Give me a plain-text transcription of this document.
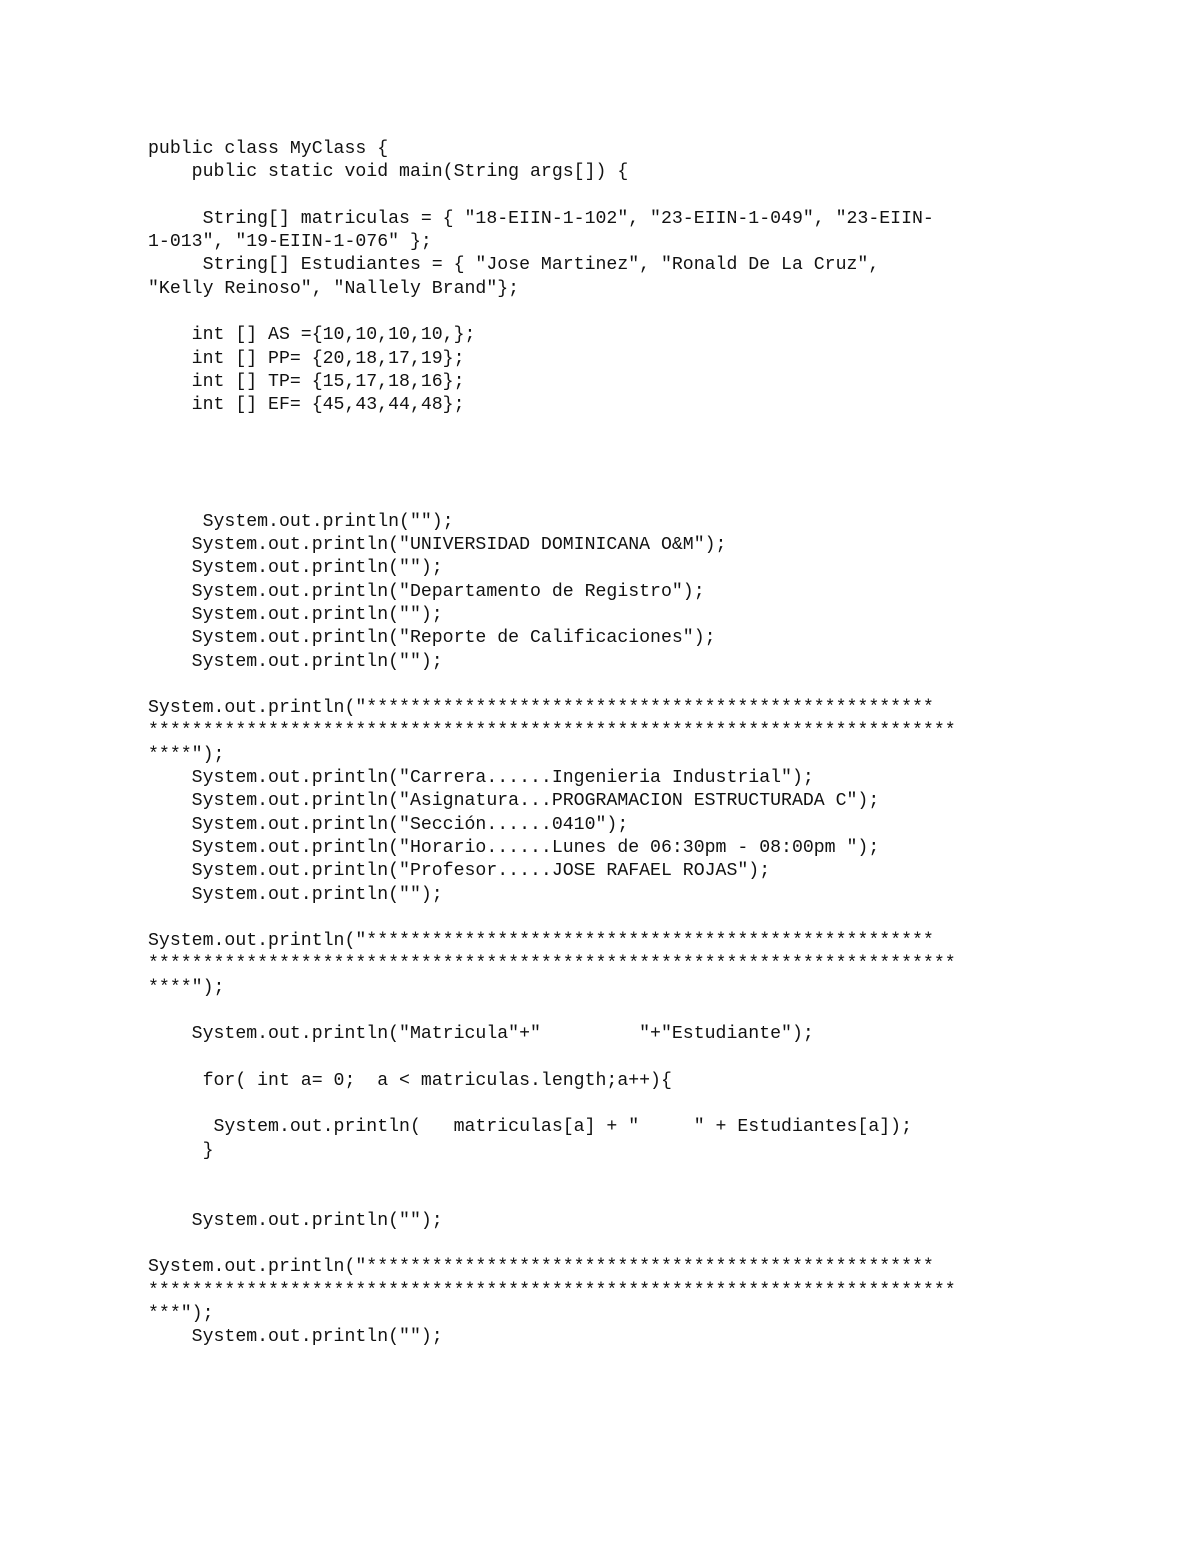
public class MyClass {
public static void main(String args[]) {
String[] matriculas = { "18-EIIN-1-102", "23-EIIN-1-049", "23-EIIN-
1-013", "19-EIIN-1-076" };
String[] Estudiantes = { "Jose Martinez", "Ronald De La Cruz",
"Kelly Reinoso", "Nallely Brand"};
int [] AS ={10,10,10,10,};
int [] PP= {20,18,17,19};
int [] TP= {15,17,18,16};
int [] EF= {45,43,44,48};
System.out.println("");
System.out.println("UNIVERSIDAD DOMINICANA O&M");
System.out.println("");
System.out.println("Departamento de Registro");
System.out.println("");
System.out.println("Reporte de Calificaciones");
System.out.println("");
System.out.println("****************************************************
**************************************************************************
****");
System.out.println("Carrera......Ingenieria Industrial");
System.out.println("Asignatura...PROGRAMACION ESTRUCTURADA C");
System.out.println("Sección......0410");
System.out.println("Horario......Lunes de 06:30pm - 08:00pm ");
System.out.println("Profesor.....JOSE RAFAEL ROJAS");
System.out.println("");
System.out.println("****************************************************
**************************************************************************
****");
System.out.println("Matricula"+"         "+"Estudiante");
for( int a= 0;  a < matriculas.length;a++){
System.out.println(   matriculas[a] + "     " + Estudiantes[a]);
}
System.out.println("");
System.out.println("****************************************************
**************************************************************************
***");
System.out.println("");
